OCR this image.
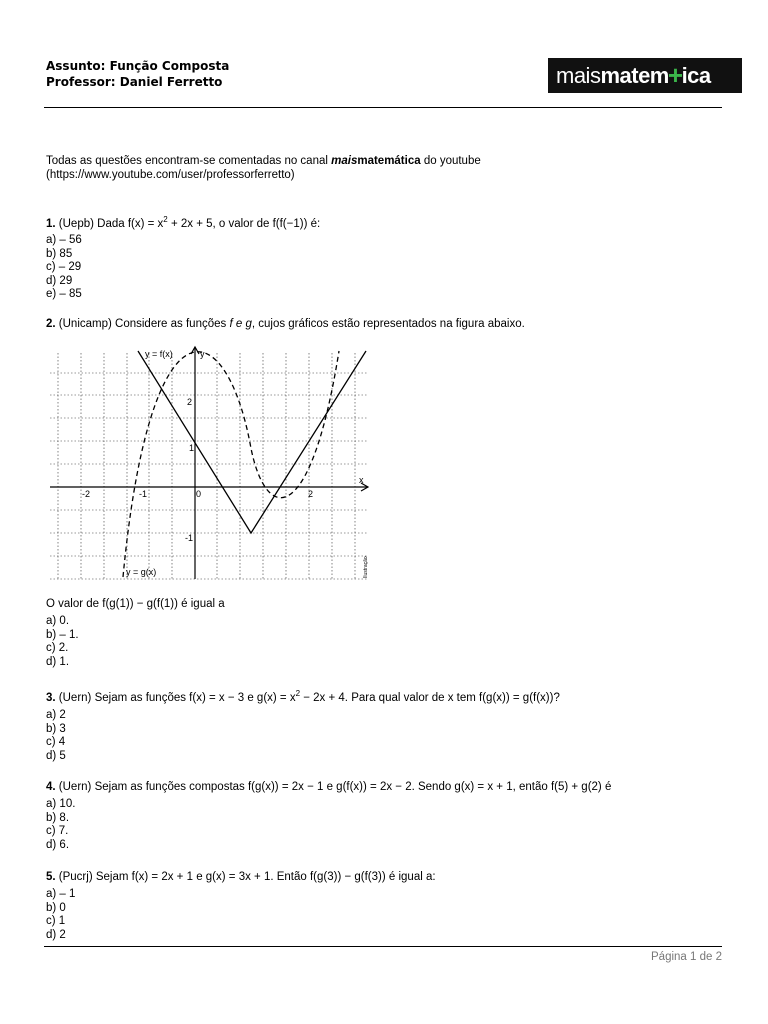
Assunto: Função Composta
Professor: Daniel Ferretto	mais matem + ica
Todas as questões encontram-se comentadas no canal maismatemática do youtube
(https://www.youtube.com/user/professorferretto)
1. (Uepb) Dada $f(x) = x^2 + 2x + 5$, o valor de f(f(−1)) é:
a) – 56
b) 85
c) – 29
d) 29
e) – 85
2. (Unicamp) Considere as funções f e g, cujos gráficos estão representados na figura abaixo.
y = f(x)	y
x
-2	-1	0	2
2
1
-1
y = g(x)	Ilustração
O valor de f(g(1)) − g(f(1)) é igual a
a) 0.
b) – 1.
c) 2.
d) 1.
3. (Uern) Sejam as funções f(x) = x − 3 e $g(x) = x^2 - 2x + 4$. Para qual valor de x tem f(g(x)) = g(f(x))?
a) 2
b) 3
c) 4
d) 5
4. (Uern) Sejam as funções compostas f(g(x)) = 2x − 1 e g(f(x)) = 2x − 2. Sendo g(x) = x + 1, então f(5) + g(2) é
a) 10.
b) 8.
c) 7.
d) 6.
5. (Pucrj) Sejam f(x) = 2x + 1 e g(x) = 3x + 1. Então f(g(3)) − g(f(3)) é igual a:
a) – 1
b) 0
c) 1
d) 2
Página 1 de 2
